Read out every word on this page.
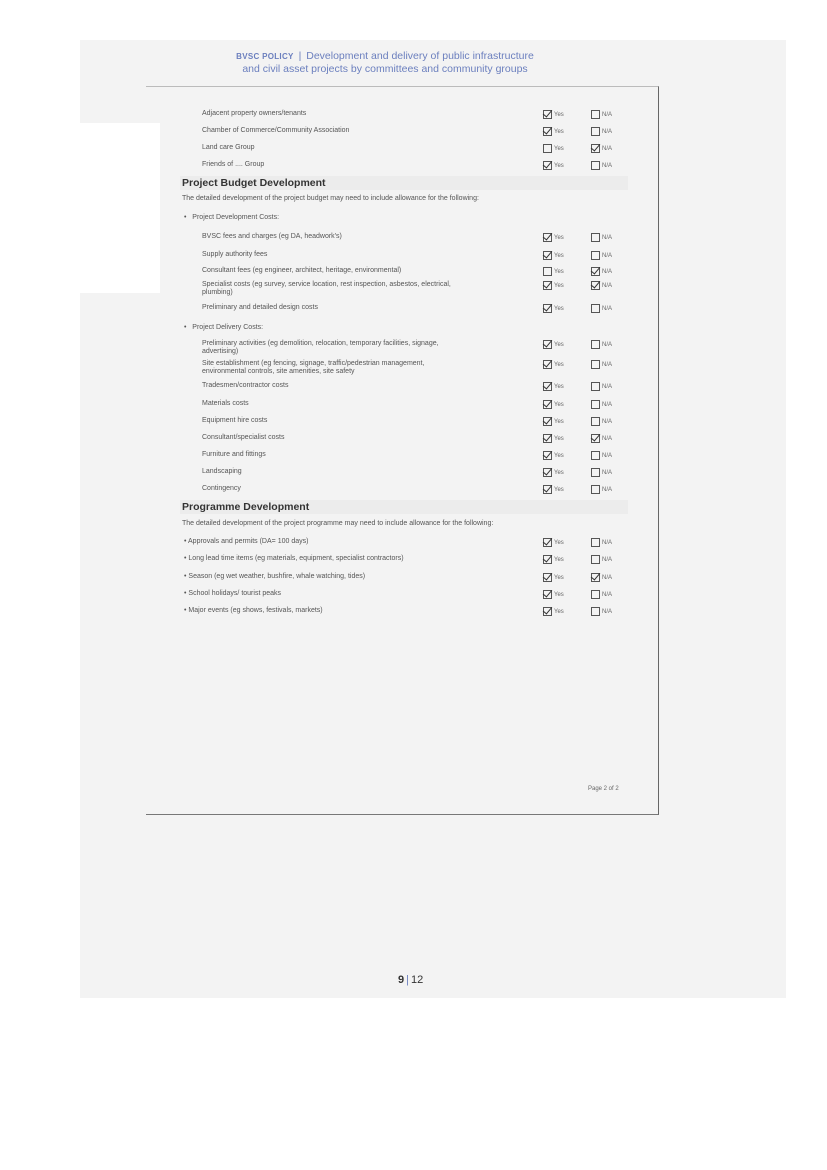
BVSC POLICY | Development and delivery of public infrastructure
and civil asset projects by committees and community groups
Adjacent property owners/tenants	Yes	N/A
Chamber of Commerce/Community Association	Yes	N/A
Land care Group	Yes	N/A
Friends of .... Group	Yes	N/A
BVSC fees and charges (eg DA, headwork's)	Yes	N/A
Supply authority fees	Yes	N/A
Consultant fees (eg engineer, architect, heritage, environmental)	Yes	N/A
Specialist costs (eg survey, service location, rest inspection, asbestos, electrical,
plumbing)
Yes	N/A
Preliminary and detailed design costs	Yes	N/A
Preliminary activities (eg demolition, relocation, temporary facilities, signage,
advertising)
Yes	N/A
Site establishment (eg fencing, signage, traffic/pedestrian management,
environmental controls, site amenities, site safety
Yes	N/A
Tradesmen/contractor costs	Yes	N/A
Materials costs	Yes	N/A
Equipment hire costs	Yes	N/A
Consultant/specialist costs	Yes	N/A
Furniture and fittings	Yes	N/A
Landscaping	Yes	N/A
Contingency	Yes	N/A
• Approvals and permits (DA= 100 days)	Yes	N/A
• Long lead time items (eg materials, equipment, specialist contractors)	Yes	N/A
• Season (eg wet weather, bushfire, whale watching, tides)	Yes	N/A
• School holidays/ tourist peaks	Yes	N/A
• Major events (eg shows, festivals, markets)	Yes	N/A
Project Budget Development
The detailed development of the project budget may need to include allowance for the following:
•   Project Development Costs:
•   Project Delivery Costs:
Programme Development
The detailed development of the project programme may need to include allowance for the following:
Page 2 of 2
9 | 12
